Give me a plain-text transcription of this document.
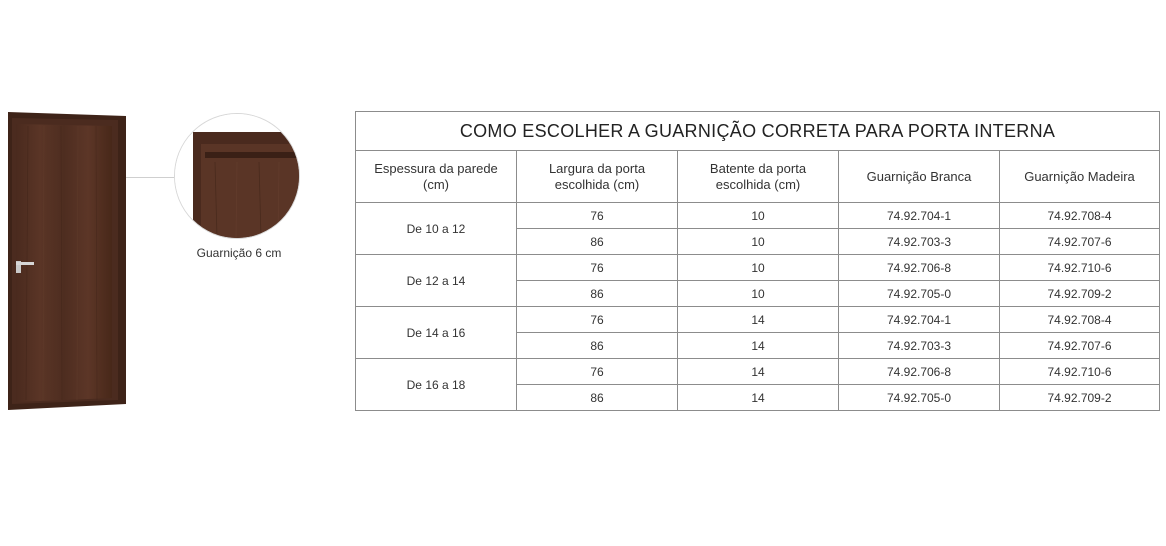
Guarnição 6 cm
COMO ESCOLHER A GUARNIÇÃO CORRETA PARA PORTA INTERNA				
Espessura da parede (cm)	Largura da porta escolhida (cm)	Batente da porta escolhida (cm)	Guarnição Branca	Guarnição Madeira
De 10 a 12	76	10	74.92.704-1	74.92.708-4
	86	10	74.92.703-3	74.92.707-6
De 12 a 14	76	10	74.92.706-8	74.92.710-6
	86	10	74.92.705-0	74.92.709-2
De 14 a 16	76	14	74.92.704-1	74.92.708-4
	86	14	74.92.703-3	74.92.707-6
De 16 a 18	76	14	74.92.706-8	74.92.710-6
	86	14	74.92.705-0	74.92.709-2
